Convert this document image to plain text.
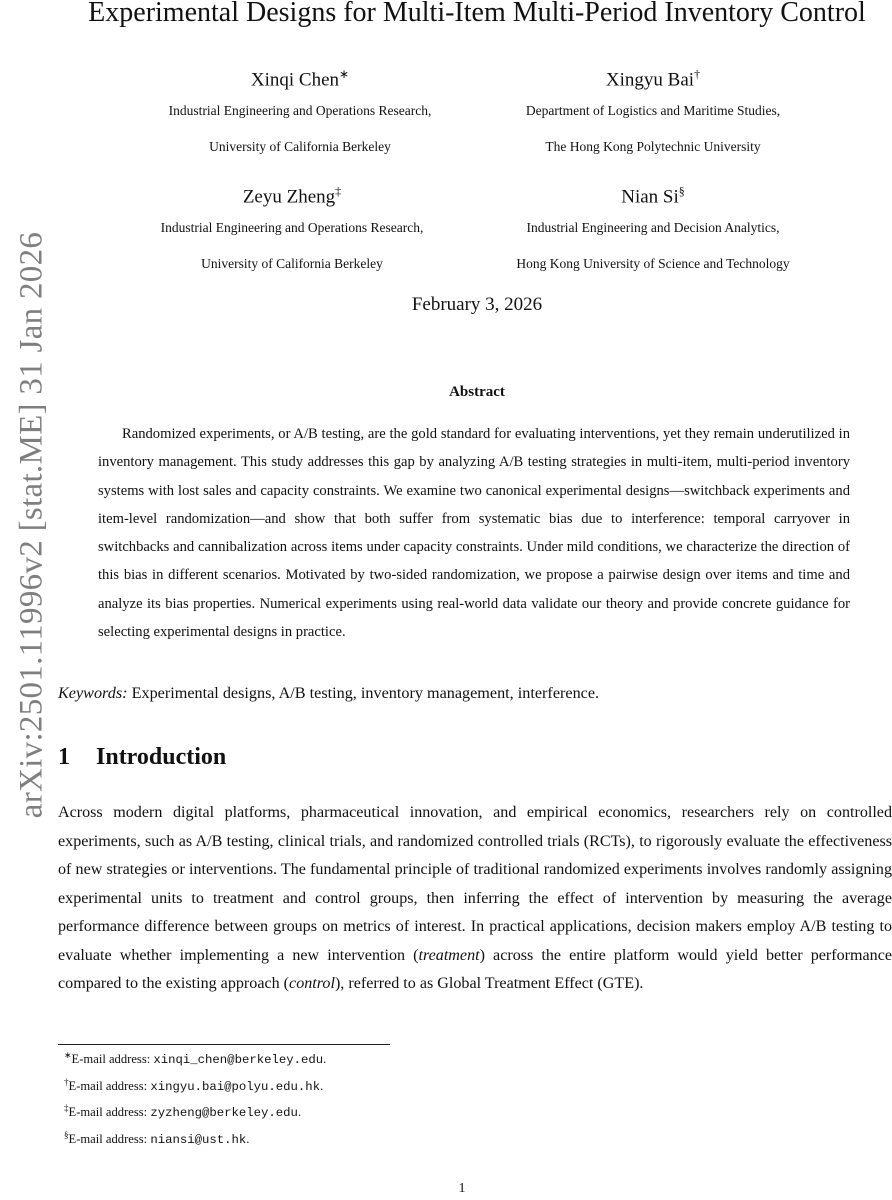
arXiv:2501.11996v2 [stat.ME] 31 Jan 2026
Experimental Designs for Multi-Item Multi-Period Inventory Control
Xinqi Chen∗
Industrial Engineering and Operations Research,
University of California Berkeley
Xingyu Bai†
Department of Logistics and Maritime Studies,
The Hong Kong Polytechnic University
Zeyu Zheng‡
Industrial Engineering and Operations Research,
University of California Berkeley
Nian Si§
Industrial Engineering and Decision Analytics,
Hong Kong University of Science and Technology
February 3, 2026
Abstract
Randomized experiments, or A/B testing, are the gold standard for evaluating interventions, yet they remain underutilized in inventory management. This study addresses this gap by analyzing A/B testing strategies in multi-item, multi-period inventory systems with lost sales and capacity constraints. We examine two canonical experimental designs—switchback experiments and item-level randomization—and show that both suffer from systematic bias due to interference: temporal carryover in switchbacks and cannibalization across items under capacity constraints. Under mild conditions, we characterize the direction of this bias in different scenarios. Motivated by two-sided randomization, we propose a pairwise design over items and time and analyze its bias properties. Numerical experiments using real-world data validate our theory and provide concrete guidance for selecting experimental designs in practice.
Keywords: Experimental designs, A/B testing, inventory management, interference.
1 Introduction
Across modern digital platforms, pharmaceutical innovation, and empirical economics, researchers rely on controlled experiments, such as A/B testing, clinical trials, and randomized controlled trials (RCTs), to rigorously evaluate the effectiveness of new strategies or interventions. The fundamental principle of traditional randomized experiments involves randomly assigning experimental units to treatment and control groups, then inferring the effect of intervention by measuring the average performance difference between groups on metrics of interest. In practical applications, decision makers employ A/B testing to evaluate whether implementing a new intervention (treatment) across the entire platform would yield better performance compared to the existing approach (control), referred to as Global Treatment Effect (GTE).
∗E-mail address: xinqi_chen@berkeley.edu.
†E-mail address: xingyu.bai@polyu.edu.hk.
‡E-mail address: zyzheng@berkeley.edu.
§E-mail address: niansi@ust.hk.
1
